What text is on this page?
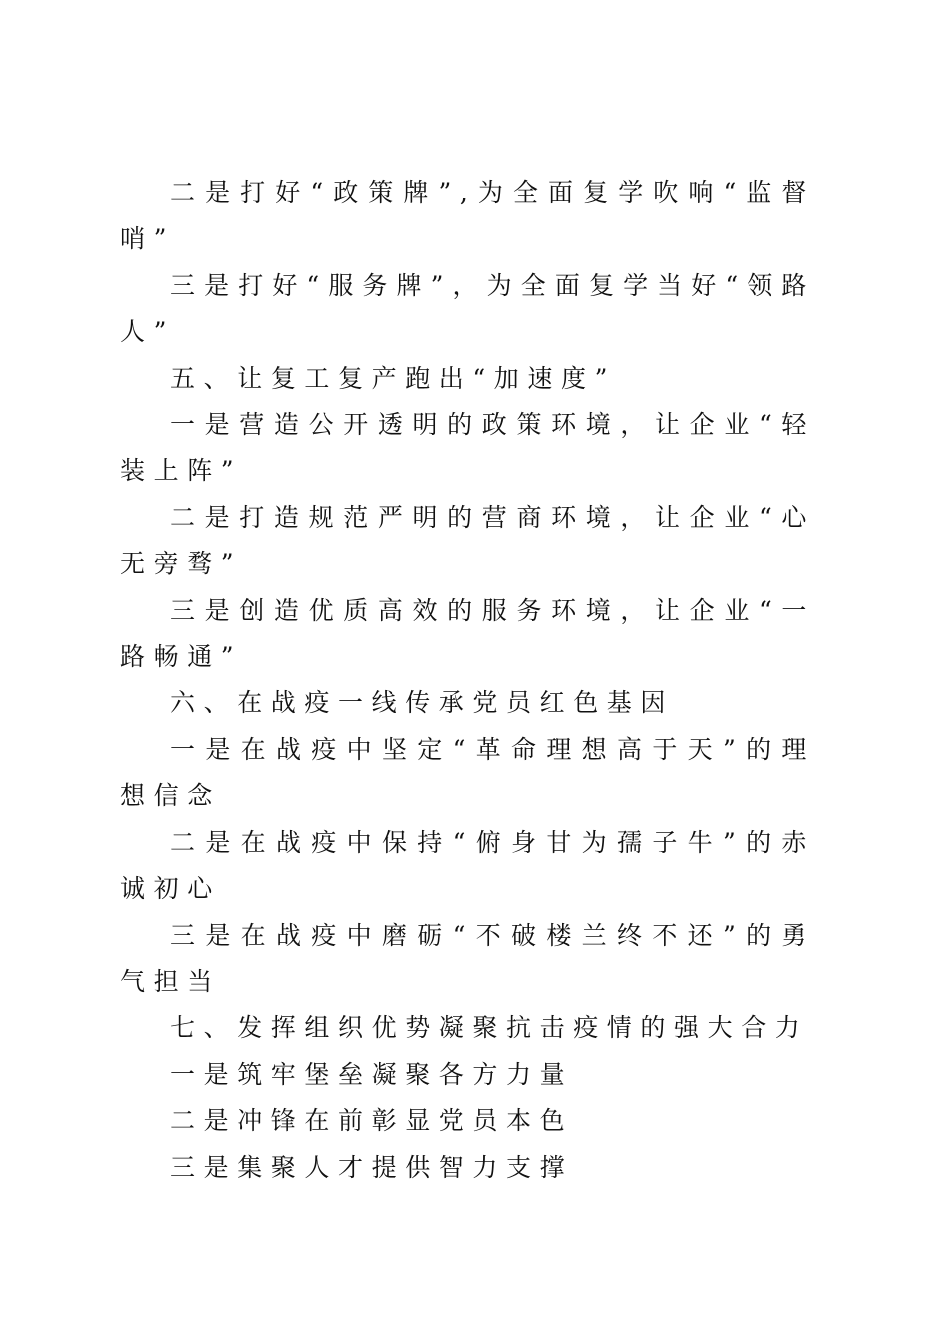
二是打好“政策牌”,为全面复学吹响“监督哨”

三是打好“服务牌”，为全面复学当好“领路人”

五、让复工复产跑出“加速度”

一是营造公开透明的政策环境，让企业“轻装上阵”

二是打造规范严明的营商环境，让企业“心无旁骛”

三是创造优质高效的服务环境，让企业“一路畅通”

六、在战疫一线传承党员红色基因

一是在战疫中坚定“革命理想高于天”的理想信念

二是在战疫中保持“俯身甘为孺子牛”的赤诚初心

三是在战疫中磨砺“不破楼兰终不还”的勇气担当

七、发挥组织优势凝聚抗击疫情的强大合力

一是筑牢堡垒凝聚各方力量

二是冲锋在前彰显党员本色

三是集聚人才提供智力支撑
